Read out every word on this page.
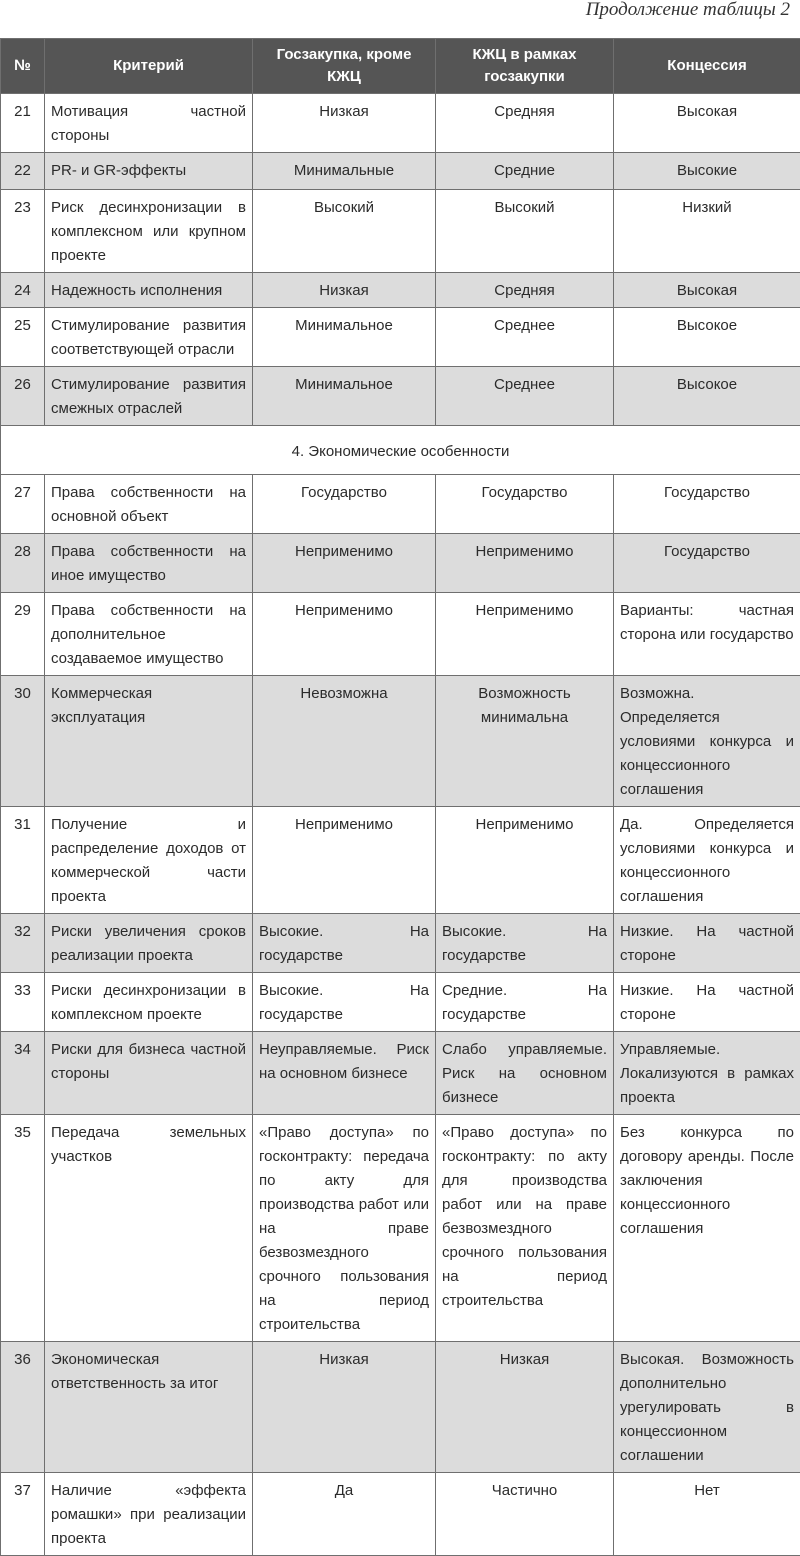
Продолжение таблицы 2
№	Критерий	Госзакупка, кроме КЖЦ	КЖЦ в рамках госзакупки	Концессия
21	Мотивация частной стороны	Низкая	Средняя	Высокая
22	PR- и GR-эффекты	Минимальные	Средние	Высокие
23	Риск десинхронизации в комплексном или крупном проекте	Высокий	Высокий	Низкий
24	Надежность исполнения	Низкая	Средняя	Высокая
25	Стимулирование развития соответствующей отрасли	Минимальное	Среднее	Высокое
26	Стимулирование развития смежных отраслей	Минимальное	Среднее	Высокое
4. Экономические особенности				
27	Права собственности на основной объект	Государство	Государство	Государство
28	Права собственности на иное имущество	Неприменимо	Неприменимо	Государство
29	Права собственности на дополнительное создаваемое имущество	Неприменимо	Неприменимо	Варианты: частная сторона или государство
30	Коммерческая эксплуатация	Невозможна	Возможность минимальна	Возможна. Определяется условиями конкурса и концессионного соглашения
31	Получение и распределение доходов от коммерческой части проекта	Неприменимо	Неприменимо	Да. Определяется условиями конкурса и концессионного соглашения
32	Риски увеличения сроков реализации проекта	Высокие. На государстве	Высокие. На государстве	Низкие. На частной стороне
33	Риски десинхронизации в комплексном проекте	Высокие. На государстве	Средние. На государстве	Низкие. На частной стороне
34	Риски для бизнеса частной стороны	Неуправляемые. Риск на основном бизнесе	Слабо управляемые. Риск на основном бизнесе	Управляемые. Локализуются в рамках проекта
35	Передача земельных участков	«Право доступа» по госконтракту: передача по акту для производства работ или на праве безвозмездного срочного пользования на период строительства	«Право доступа» по госконтракту: по акту для производства работ или на праве безвозмездного срочного пользования на период строительства	Без конкурса по договору аренды. После заключения концессионного соглашения
36	Экономическая ответственность за итог	Низкая	Низкая	Высокая. Возможность дополнительно урегулировать в концессионном соглашении
37	Наличие «эффекта ромашки» при реализации проекта	Да	Частично	Нет
